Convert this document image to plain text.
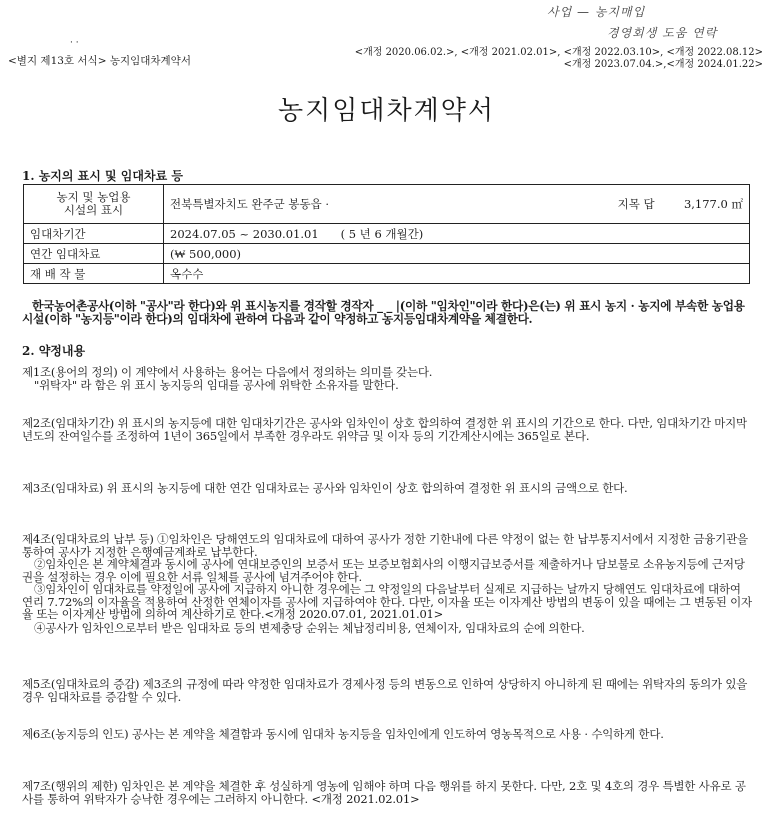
사업 — 농지매입
경영회생 도움 연락
· ·
<별지 제13호 서식> 농지임대차계약서
<개정 2020.06.02.>, <개정 2021.02.01>, <개정 2022.03.10>, <개정 2022.08.12>
<개정 2023.07.04.>,<개정 2024.01.22>
농지임대차계약서
1. 농지의 표시 및 임대차료 등
농지 및 농업용
시설의 표시	전북특별자치도 완주군 봉동읍 · 지목 답 3,177.0 ㎡

임대차기간	2024.07.05 ~ 2030.01.01      ( 5 년 6 개월간)
연간 임대차료	(₩ 500,000)
재 배 작 물	옥수수
한국농어촌공사(이하 "공사"라 한다)와 위 표시농지를 경작할 경작자 _ _ |(이하 "임차인"이라 한다)은(는) 위 표시 농지 · 농지에 부속한 농업용시설(이하 "농지등"이라 한다)의 임대차에 관하여 다음과 같이 약정하고 농지등임대차계약을 체결한다.
2. 약정내용

제1조(용어의 정의) 이 계약에서 사용하는 용어는 다음에서 정의하는 의미를 갖는다.

"위탁자" 라 함은 위 표시 농지등의 임대를 공사에 위탁한 소유자를 말한다.

제2조(임대차기간) 위 표시의 농지등에 대한 임대차기간은 공사와 임차인이 상호 합의하여 결정한 위 표시의 기간으로 한다. 다만, 임대차기간 마지막년도의 잔여일수를 조정하여 1년이 365일에서 부족한 경우라도 위약금 및 이자 등의 기간계산시에는 365일로 본다.

제3조(임대차료) 위 표시의 농지등에 대한 연간 임대차료는 공사와 임차인이 상호 합의하여 결정한 위 표시의 금액으로 한다.

제4조(임대차료의 납부 등) ①임차인은 당해연도의 임대차료에 대하여 공사가 정한 기한내에 다른 약정이 없는 한 납부통지서에서 지정한 금융기관을 통하여 공사가 지정한 은행예금계좌로 납부한다.

②임차인은 본 계약체결과 동시에 공사에 연대보증인의 보증서 또는 보증보험회사의 이행지급보증서를 제출하거나 담보물로 소유농지등에 근저당권을 설정하는 경우 이에 필요한 서류 일체를 공사에 넘겨주어야 한다.

③임차인이 임대차료를 약정일에 공사에 지급하지 아니한 경우에는 그 약정일의 다음날부터 실제로 지급하는 날까지 당해연도 임대차료에 대하여 연리 7.72%의 이자율을 적용하여 산정한 연체이자를 공사에 지급하여야 한다. 다만, 이자율 또는 이자계산 방법의 변동이 있을 때에는 그 변동된 이자율 또는 이자계산 방법에 의하여 계산하기로 한다.<개정 2020.07.01, 2021.01.01>

④공사가 임차인으로부터 받은 임대차료 등의 변제충당 순위는 체납정리비용, 연체이자, 임대차료의 순에 의한다.

제5조(임대차료의 증감) 제3조의 규정에 따라 약정한 임대차료가 경제사정 등의 변동으로 인하여 상당하지 아니하게 된 때에는 위탁자의 동의가 있을 경우 임대차료를 증감할 수 있다.

제6조(농지등의 인도) 공사는 본 계약을 체결함과 동시에 임대차 농지등을 임차인에게 인도하여 영농목적으로 사용 · 수익하게 한다.

제7조(행위의 제한) 임차인은 본 계약을 체결한 후 성실하게 영농에 임해야 하며 다음 행위를 하지 못한다. 다만, 2호 및 4호의 경우 특별한 사유로 공사를 통하여 위탁자가 승낙한 경우에는 그러하지 아니한다. <개정 2021.02.01>
